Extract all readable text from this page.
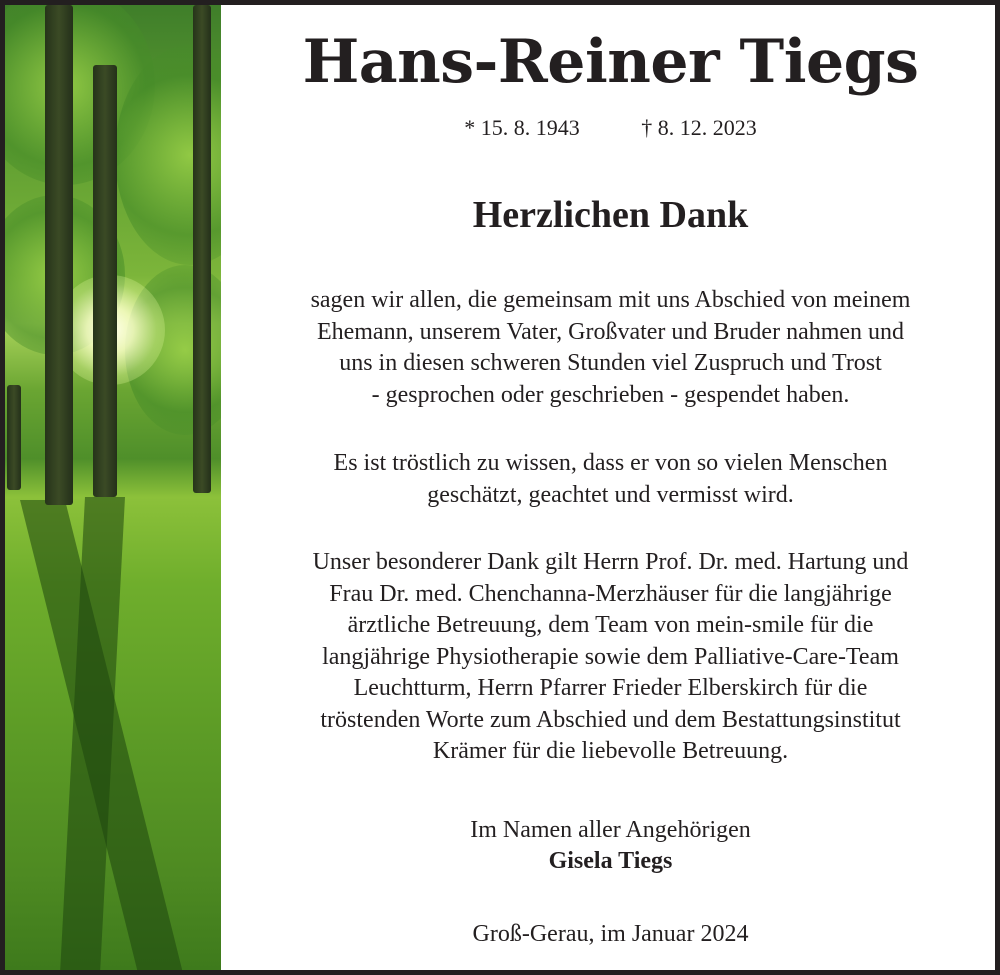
Hans-Reiner Tiegs
* 15. 8. 1943	† 8. 12. 2023
Herzlichen Dank
sagen wir allen, die gemeinsam mit uns Abschied von meinem
Ehemann, unserem Vater, Großvater und Bruder nahmen und
uns in diesen schweren Stunden viel Zuspruch und Trost
- gesprochen oder geschrieben - gespendet haben.
Es ist tröstlich zu wissen, dass er von so vielen Menschen
geschätzt, geachtet und vermisst wird.
Unser besonderer Dank gilt Herrn Prof. Dr. med. Hartung und
Frau Dr. med. Chenchanna-Merzhäuser für die langjährige
ärztliche Betreuung, dem Team von mein-smile für die
langjährige Physiotherapie sowie dem Palliative-Care-Team
Leuchtturm, Herrn Pfarrer Frieder Elberskirch für die
tröstenden Worte zum Abschied und dem Bestattungsinstitut
Krämer für die liebevolle Betreuung.
Im Namen aller Angehörigen
Gisela Tiegs
Groß-Gerau, im Januar 2024
